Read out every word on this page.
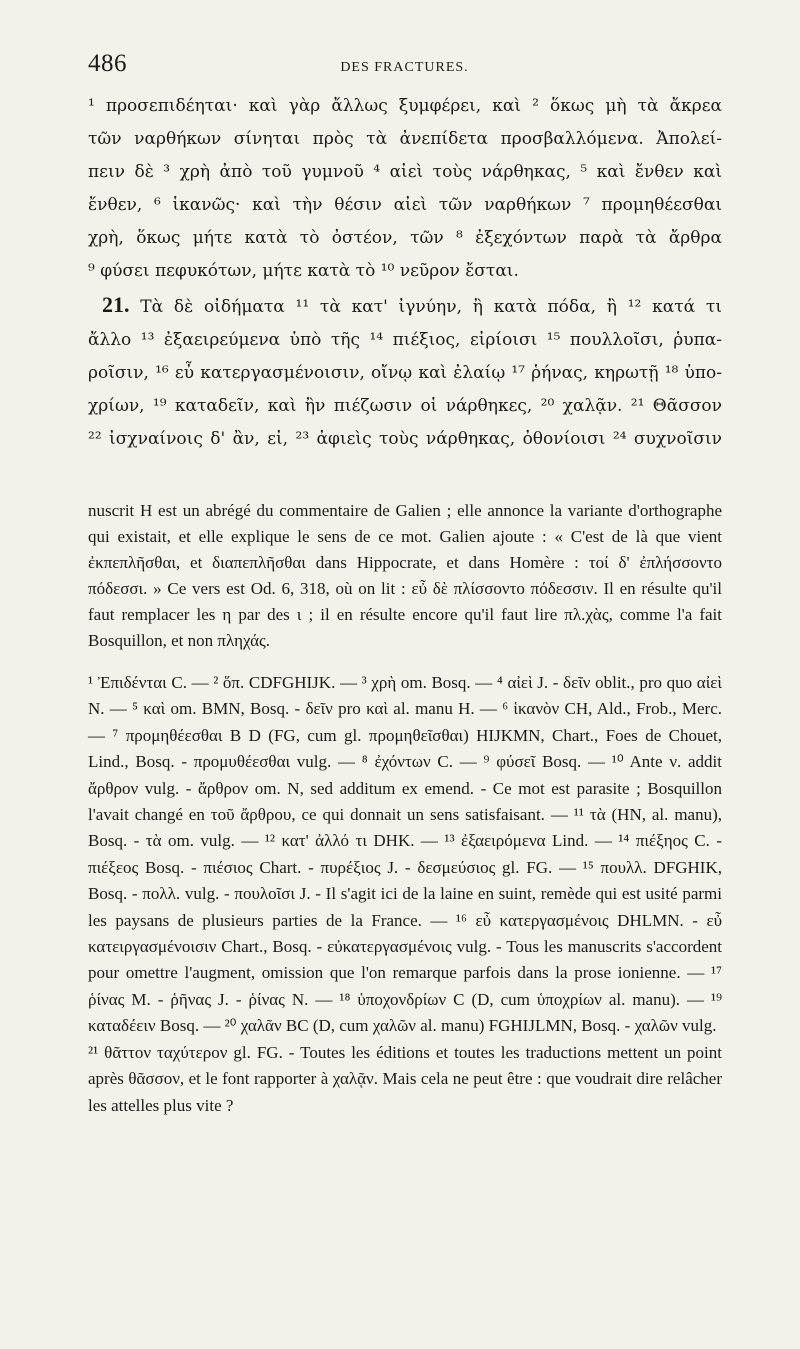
486	DES FRACTURES.
¹ προσεπιδέηται· καὶ γὰρ ἄλλως ξυμφέρει, καὶ ² ὅκως μὴ τὰ ἄκρεα
τῶν ναρθήκων σίνηται πρὸς τὰ ἀνεπίδετα προσβαλλόμενα. Ἀπολεί-
πειν δὲ ³ χρὴ ἀπὸ τοῦ γυμνοῦ ⁴ αἰεὶ τοὺς νάρθηκας, ⁵ καὶ ἔνθεν καὶ
ἔνθεν, ⁶ ἱκανῶς· καὶ τὴν θέσιν αἰεὶ τῶν ναρθήκων ⁷ προμηθέεσθαι
χρὴ, ὅκως μήτε κατὰ τὸ ὀστέον, τῶν ⁸ ἐξεχόντων παρὰ τὰ ἄρθρα
⁹ φύσει πεφυκότων, μήτε κατὰ τὸ ¹⁰ νεῦρον ἔσται.
21. Τὰ δὲ οἰδήματα ¹¹ τὰ κατ' ἰγνύην, ἢ κατὰ πόδα, ἢ ¹² κατά τι
ἄλλο ¹³ ἐξαειρεύμενα ὑπὸ τῆς ¹⁴ πιέξιος, εἰρίοισι ¹⁵ πουλλοῖσι, ῥυπα-
ροῖσιν, ¹⁶ εὖ κατεργασμένοισιν, οἴνῳ καὶ ἐλαίῳ ¹⁷ ῥήνας, κηρωτῇ ¹⁸ ὑπο-
χρίων, ¹⁹ καταδεῖν, καὶ ἢν πιέζωσιν οἱ νάρθηκες, ²⁰ χαλᾷν. ²¹ Θᾶσσον
²² ἰσχναίνοις δ' ἂν, εἰ, ²³ ἀφιεὶς τοὺς νάρθηκας, ὀθονίοισι ²⁴ συχνοῖσιν

nuscrit H est un abrégé du commentaire de Galien ; elle annonce la variante d'orthographe qui existait, et elle explique le sens de ce mot. Galien ajoute : « C'est de là que vient ἐκπεπλῆσθαι, et διαπεπλῆσθαι dans Hippocrate, et dans Homère : τοί δ' ἐπλήσσοντο πόδεσσι. » Ce vers est Od. 6, 318, où on lit : εὖ δὲ πλίσσοντο πόδεσσιν. Il en résulte qu'il faut remplacer les η par des ι ; il en résulte encore qu'il faut lire πλ.χὰς, comme l'a fait Bosquillon, et non πληχάς.

¹ Ἐπιδένται C. — ² ὅπ. CDFGHIJK. — ³ χρὴ om. Bosq. — ⁴ αἰεὶ J. - δεῖν oblit., pro quo αἰεὶ N. — ⁵ καὶ om. BMN, Bosq. - δεῖν pro καὶ al. manu H. — ⁶ ἱκανὸν CH, Ald., Frob., Merc. — ⁷ προμηθέεσθαι B D (FG, cum gl. προμηθεῖσθαι) HIJKMN, Chart., Foes de Chouet, Lind., Bosq. - προμυθέεσθαι vulg. — ⁸ ἐχόντων C. — ⁹ φύσεῖ Bosq. — ¹⁰ Ante ν. addit ἄρθρον vulg. - ἄρθρον om. N, sed additum ex emend. - Ce mot est parasite ; Bosquillon l'avait changé en τοῦ ἄρθρου, ce qui donnait un sens satisfaisant. — ¹¹ τὰ (HN, al. manu), Bosq. - τὰ om. vulg. — ¹² κατ' ἀλλό τι DHK. — ¹³ ἐξαειρόμενα Lind. — ¹⁴ πιέξηος C. - πιέξεος Bosq. - πιέσιος Chart. - πυρέξιος J. - δεσμεύσιος gl. FG. — ¹⁵ πουλλ. DFGHIK, Bosq. - πολλ. vulg. - πουλοῖσι J. - Il s'agit ici de la laine en suint, remède qui est usité parmi les paysans de plusieurs parties de la France. — ¹⁶ εὖ κατεργασμένοις DHLMN. - εὖ κατειργασμένοισιν Chart., Bosq. - εὐκατεργασμένοις vulg. - Tous les manuscrits s'accordent pour omettre l'augment, omission que l'on remarque parfois dans la prose ionienne. — ¹⁷ ῥίνας M. - ῥῆνας J. - ῥίνας N. — ¹⁸ ὑποχονδρίων C (D, cum ὑποχρίων al. manu). — ¹⁹ καταδέειν Bosq. — ²⁰ χαλᾶν BC (D, cum χαλῶν al. manu) FGHIJLMN, Bosq. - χαλῶν vulg.

²¹ θᾶττον ταχύτερον gl. FG. - Toutes les éditions et toutes les traductions mettent un point après θᾶσσον, et le font rapporter à χαλᾷν. Mais cela ne peut être : que voudrait dire relâcher les attelles plus vite ?
